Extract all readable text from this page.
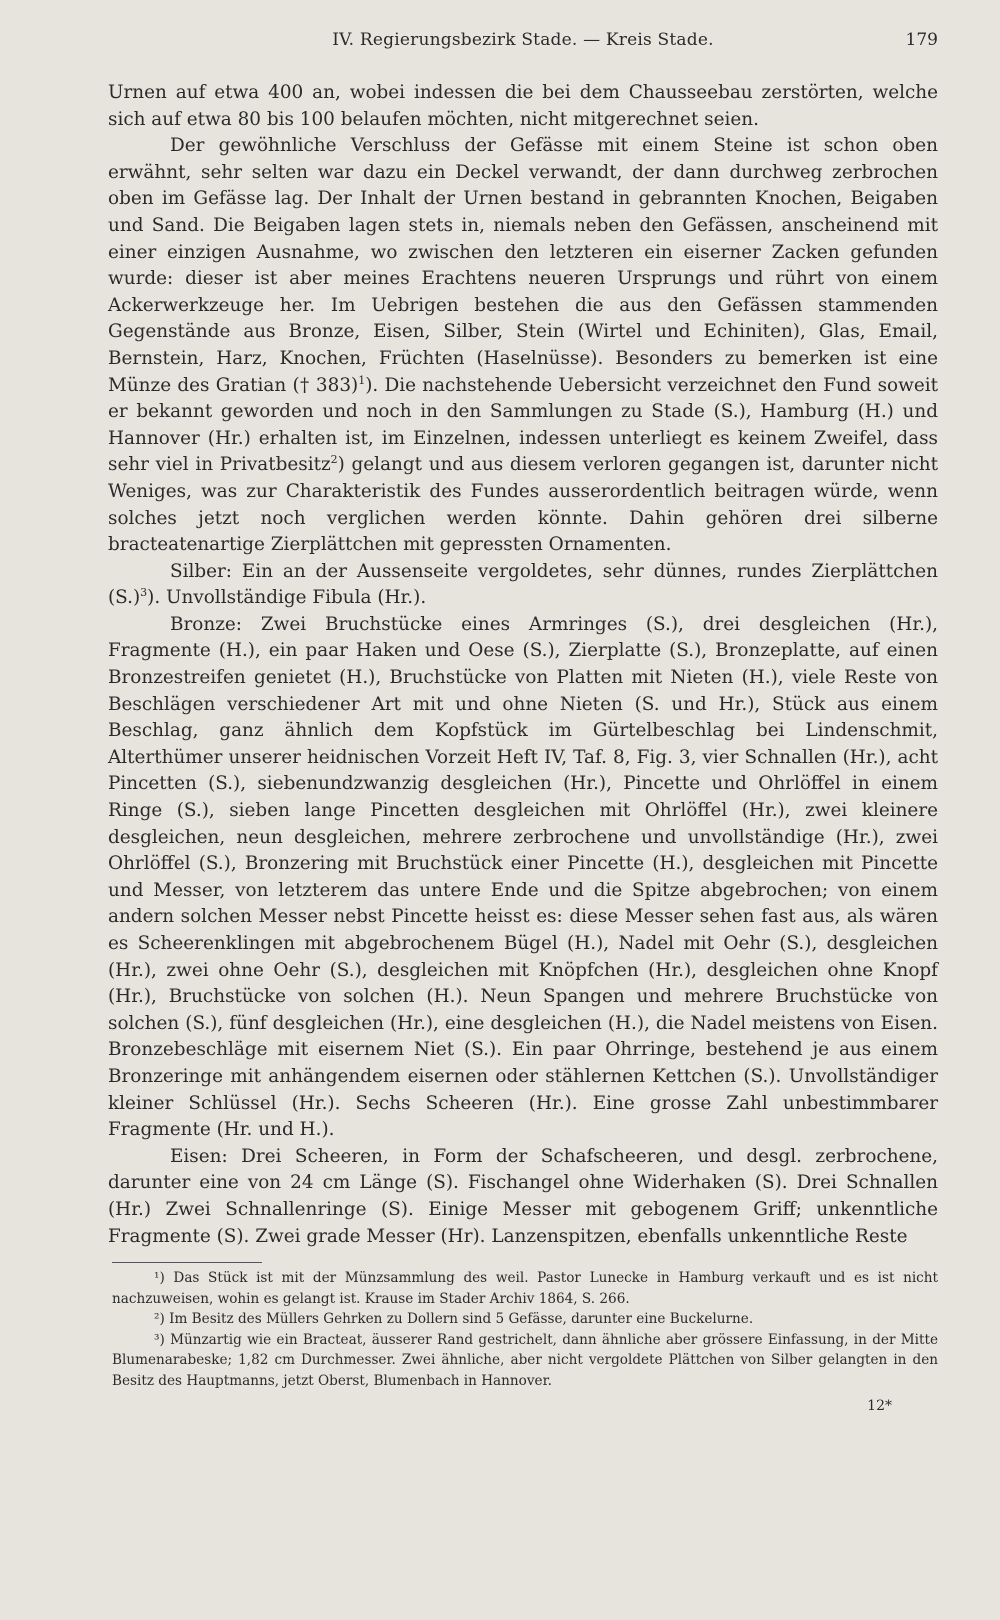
IV. Regierungsbezirk Stade. — Kreis Stade.	179

Urnen auf etwa 400 an, wobei indessen die bei dem Chausseebau zerstörten, welche sich auf etwa 80 bis 100 belaufen möchten, nicht mitgerechnet seien.

Der gewöhnliche Verschluss der Gefässe mit einem Steine ist schon oben erwähnt, sehr selten war dazu ein Deckel verwandt, der dann durchweg zerbrochen oben im Gefässe lag. Der Inhalt der Urnen bestand in gebrannten Knochen, Beigaben und Sand. Die Beigaben lagen stets in, niemals neben den Gefässen, anscheinend mit einer einzigen Ausnahme, wo zwischen den letzteren ein eiserner Zacken gefunden wurde: dieser ist aber meines Erachtens neueren Ursprungs und rührt von einem Ackerwerkzeuge her. Im Uebrigen bestehen die aus den Gefässen stammenden Gegenstände aus Bronze, Eisen, Silber, Stein (Wirtel und Echiniten), Glas, Email, Bernstein, Harz, Knochen, Früchten (Haselnüsse). Besonders zu bemerken ist eine Münze des Gratian († 383)$^1$). Die nachstehende Uebersicht verzeichnet den Fund soweit er bekannt geworden und noch in den Sammlungen zu Stade (S.), Hamburg (H.) und Hannover (Hr.) erhalten ist, im Einzelnen, indessen unterliegt es keinem Zweifel, dass sehr viel in Privatbesitz$^2$) gelangt und aus diesem verloren gegangen ist, darunter nicht Weniges, was zur Charakteristik des Fundes ausserordentlich beitragen würde, wenn solches jetzt noch verglichen werden könnte. Dahin gehören drei silberne bracteatenartige Zierplättchen mit gepressten Ornamenten.

Silber: Ein an der Aussenseite vergoldetes, sehr dünnes, rundes Zierplättchen $(S.)^3$). Unvollständige Fibula (Hr.).

Bronze: Zwei Bruchstücke eines Armringes (S.), drei desgleichen (Hr.), Fragmente (H.), ein paar Haken und Oese (S.), Zierplatte (S.), Bronzeplatte, auf einen Bronzestreifen genietet (H.), Bruchstücke von Platten mit Nieten (H.), viele Reste von Beschlägen verschiedener Art mit und ohne Nieten (S. und Hr.), Stück aus einem Beschlag, ganz ähnlich dem Kopfstück im Gürtelbeschlag bei Lindenschmit, Alterthümer unserer heidnischen Vorzeit Heft IV, Taf. 8, Fig. 3, vier Schnallen (Hr.), acht Pincetten (S.), siebenundzwanzig desgleichen (Hr.), Pincette und Ohrlöffel in einem Ringe (S.), sieben lange Pincetten desgleichen mit Ohrlöffel (Hr.), zwei kleinere desgleichen, neun desgleichen, mehrere zerbrochene und unvollständige (Hr.), zwei Ohrlöffel (S.), Bronzering mit Bruchstück einer Pincette (H.), desgleichen mit Pincette und Messer, von letzterem das untere Ende und die Spitze abgebrochen; von einem andern solchen Messer nebst Pincette heisst es: diese Messer sehen fast aus, als wären es Scheerenklingen mit abgebrochenem Bügel (H.), Nadel mit Oehr (S.), desgleichen (Hr.), zwei ohne Oehr (S.), desgleichen mit Knöpfchen (Hr.), desgleichen ohne Knopf (Hr.), Bruchstücke von solchen (H.). Neun Spangen und mehrere Bruchstücke von solchen (S.), fünf desgleichen (Hr.), eine desgleichen (H.), die Nadel meistens von Eisen. Bronzebeschläge mit eisernem Niet (S.). Ein paar Ohrringe, bestehend je aus einem Bronzeringe mit anhängendem eisernen oder stählernen Kettchen (S.). Unvollständiger kleiner Schlüssel (Hr.). Sechs Scheeren (Hr.). Eine grosse Zahl unbestimmbarer Fragmente (Hr. und H.).

Eisen: Drei Scheeren, in Form der Schafscheeren, und desgl. zerbrochene, darunter eine von 24 cm Länge (S). Fischangel ohne Widerhaken (S). Drei Schnallen (Hr.) Zwei Schnallenringe (S). Einige Messer mit gebogenem Griff; unkenntliche Fragmente (S). Zwei grade Messer (Hr). Lanzenspitzen, ebenfalls unkenntliche Reste

¹) Das Stück ist mit der Münzsammlung des weil. Pastor Lunecke in Hamburg verkauft und es ist nicht nachzuweisen, wohin es gelangt ist. Krause im Stader Archiv 1864, S. 266.

²) Im Besitz des Müllers Gehrken zu Dollern sind 5 Gefässe, darunter eine Buckelurne.

³) Münzartig wie ein Bracteat, äusserer Rand gestrichelt, dann ähnliche aber grössere Einfassung, in der Mitte Blumenarabeske; 1,82 cm Durchmesser. Zwei ähnliche, aber nicht vergoldete Plättchen von Silber gelangten in den Besitz des Hauptmanns, jetzt Oberst, Blumenbach in Hannover.

12*
